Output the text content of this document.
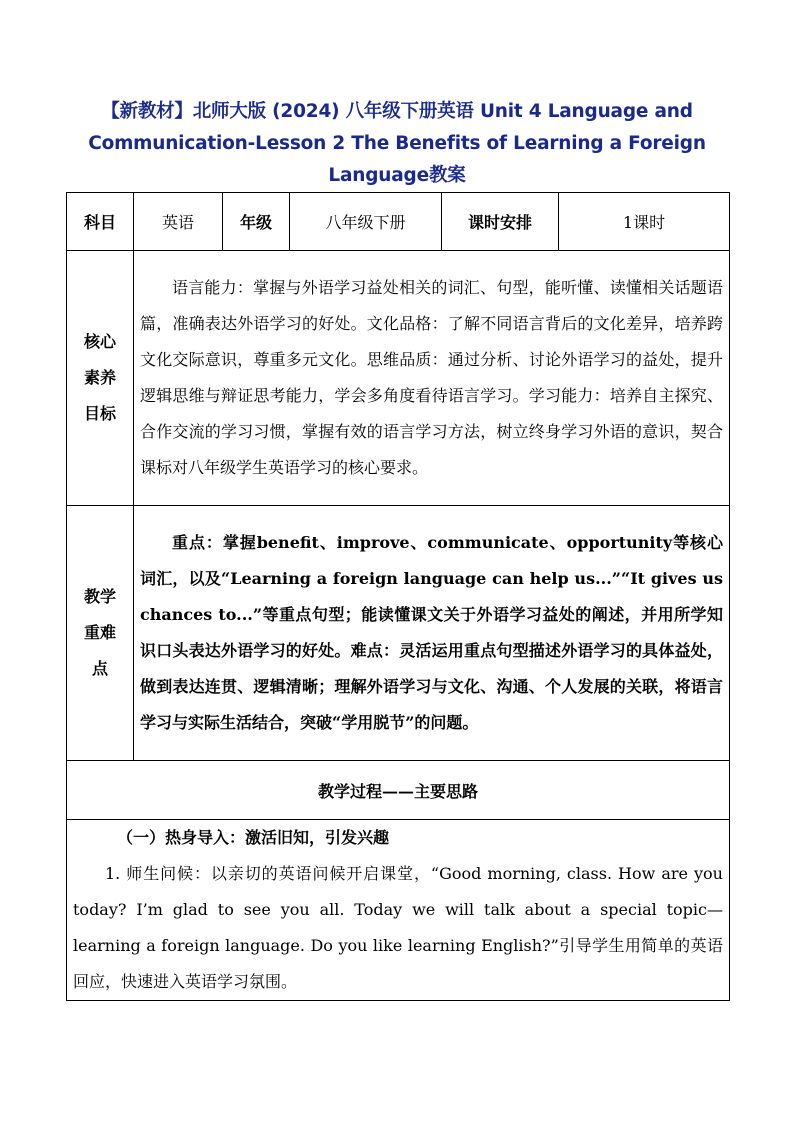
【新教材】北师大版 (2024) 八年级下册英语 Unit 4 Language and Communication-Lesson 2 The Benefits of Learning a Foreign Language教案
科目	英语	年级	八年级下册	课时安排	1课时
核心素养目标	语言能力：掌握与外语学习益处相关的词汇、句型，能听懂、读懂相关话题语篇，准确表达外语学习的好处。文化品格：了解不同语言背后的文化差异，培养跨文化交际意识，尊重多元文化。思维品质：通过分析、讨论外语学习的益处，提升逻辑思维与辩证思考能力，学会多角度看待语言学习。学习能力：培养自主探究、合作交流的学习习惯，掌握有效的语言学习方法，树立终身学习外语的意识，契合课标对八年级学生英语学习的核心要求。				

教学重难点	重点：掌握benefit、improve、communicate、opportunity等核心词汇，以及“Learning a foreign language can help us...”“It gives us chances to...”等重点句型；能读懂课文关于外语学习益处的阐述，并用所学知识口头表达外语学习的好处。难点：灵活运用重点句型描述外语学习的具体益处，做到表达连贯、逻辑清晰；理解外语学习与文化、沟通、个人发展的关联，将语言学习与实际生活结合，突破“学用脱节”的问题。				

教学过程——主要思路					

（一）热身导入：激活旧知，引发兴趣
1. 师生问候：以亲切的英语问候开启课堂，“Good morning, class. How are you today? I’m glad to see you all. Today we will talk about a special topic—learning a foreign language. Do you like learning English?”引导学生用简单的英语回应，快速进入英语学习氛围。					
